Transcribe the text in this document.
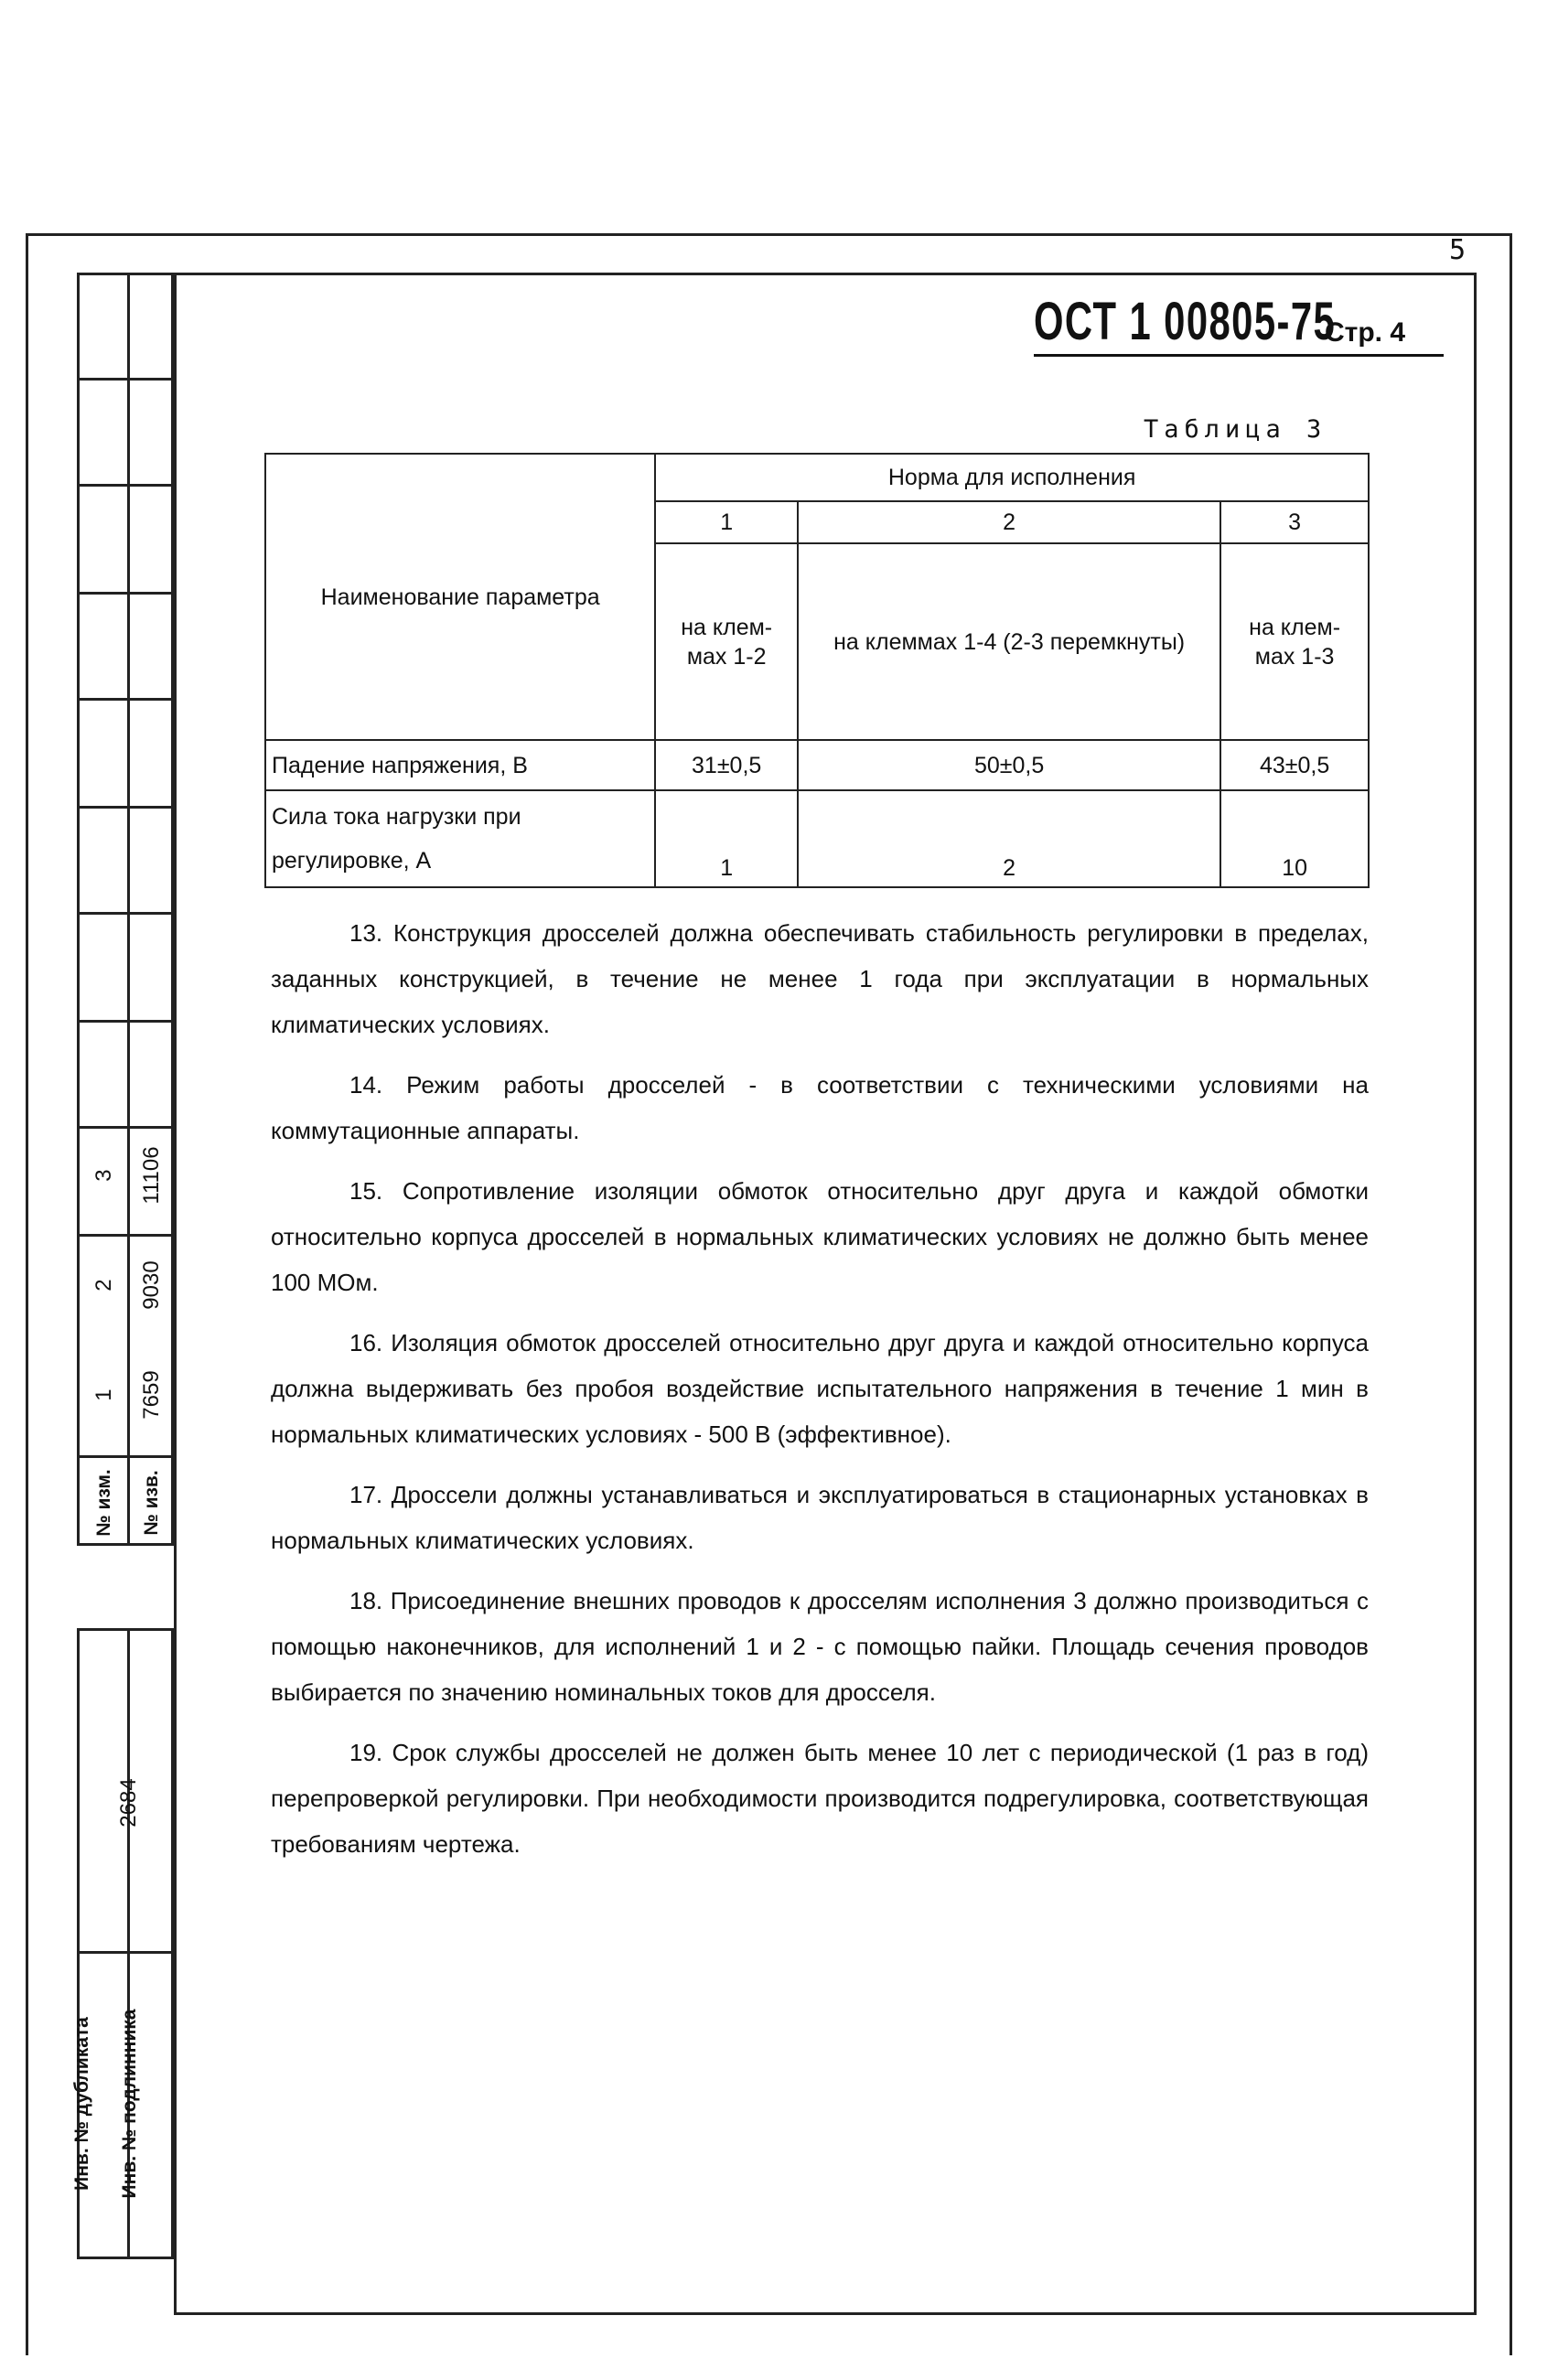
5
ОСТ 1 00805-75
Стр. 4
3 11106
2 9030
1 7659
№ изм. № изв.
2684
Инв. № дубликата Инв. № подлинника
Таблица 3
Наименование параметра	Норма для исполнения		
	1	2	3
	на клем- мах 1-2	на клеммах 1-4 (2-3 перемкнуты)	на клем- мах 1-3
Падение напряжения, В	31±0,5	50±0,5	43±0,5
Сила тока нагрузки при регулировке, А	1	2	10

13. Конструкция дросселей должна обеспечивать стабильность регулировки в пределах, заданных конструкцией, в течение не менее 1 года при эксплуатации в нормальных климатических условиях.

14. Режим работы дросселей - в соответствии с техническими условиями на коммутационные аппараты.

15. Сопротивление изоляции обмоток относительно друг друга и каждой обмотки относительно корпуса дросселей в нормальных климатических условиях не должно быть менее 100 МОм.

16. Изоляция обмоток дросселей относительно друг друга и каждой относительно корпуса должна выдерживать без пробоя воздействие испытательного напряжения в течение 1 мин в нормальных климатических условиях - 500 В (эффективное).

17. Дроссели должны устанавливаться и эксплуатироваться в стационарных установках в нормальных климатических условиях.

18. Присоединение внешних проводов к дросселям исполнения 3 должно производиться с помощью наконечников, для исполнений 1 и 2 - с помощью пайки. Площадь сечения проводов выбирается по значению номинальных токов для дросселя.

19. Срок службы дросселей не должен быть менее 10 лет с периодической (1 раз в год) перепроверкой регулировки. При необходимости производится подрегулировка, соответствующая требованиям чертежа.
